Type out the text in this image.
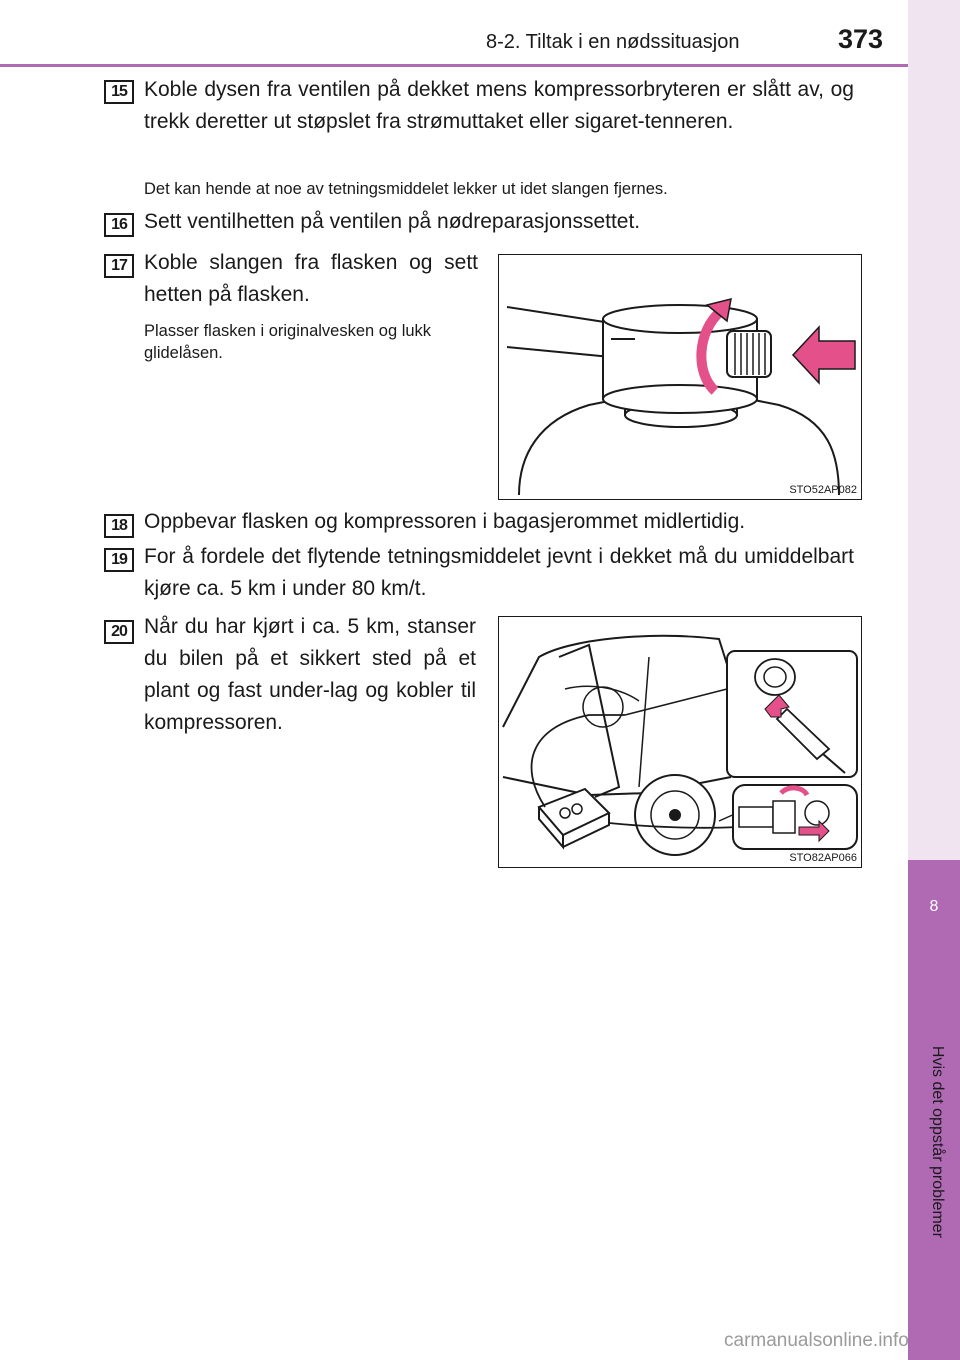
8-2. Tiltak i en nødssituasjon	373
8
Hvis det oppstår problemer
15 Koble dysen fra ventilen på dekket mens kompressorbryteren er slått av, og trekk deretter ut støpslet fra strømuttaket eller sigaret-tenneren.
Det kan hende at noe av tetningsmiddelet lekker ut idet slangen fjernes.
16 Sett ventilhetten på ventilen på nødreparasjonssettet.
17 Koble slangen fra flasken og sett hetten på flasken.
Plasser flasken i originalvesken og lukk glidelåsen.
STO52AP082
18 Oppbevar flasken og kompressoren i bagasjerommet midlertidig.
19 For å fordele det flytende tetningsmiddelet jevnt i dekket må du umiddelbart kjøre ca. 5 km i under 80 km/t.
20 Når du har kjørt i ca. 5 km, stanser du bilen på et sikkert sted på et plant og fast under-lag og kobler til kompressoren.
STO82AP066
carmanualsonline.info
